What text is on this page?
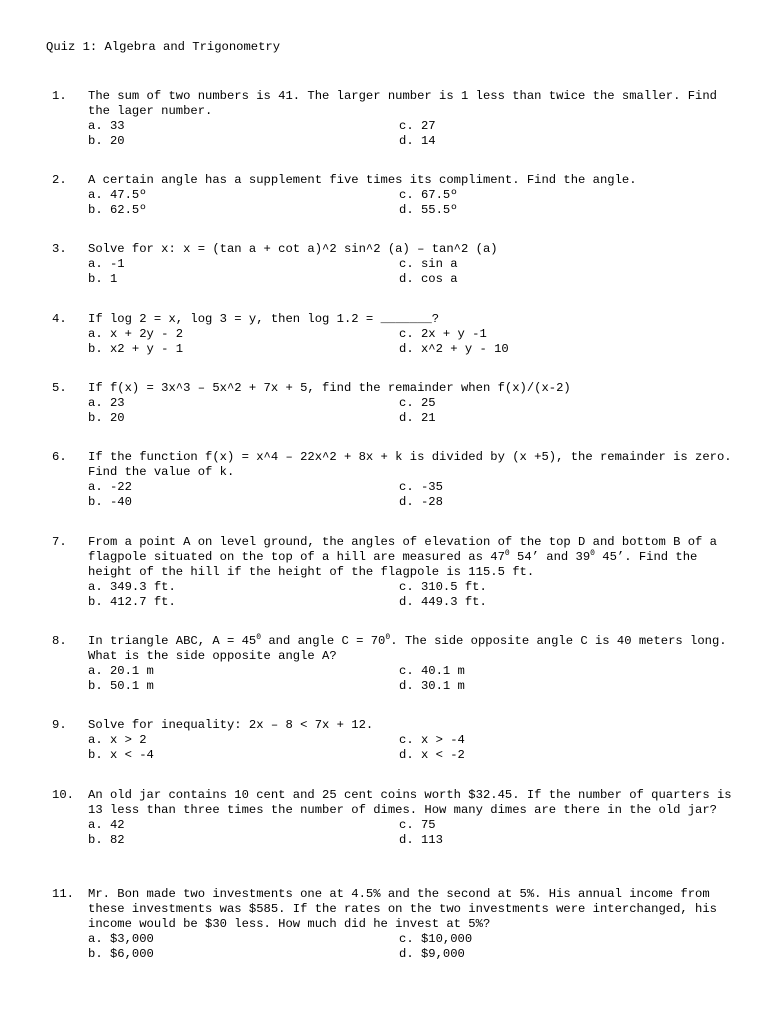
Quiz 1: Algebra and Trigonometry
1.	The sum of two numbers is 41. The larger number is 1 less than twice the smaller. Find the lager number.
a. 33	c. 27
b. 20	d. 14
2.	A certain angle has a supplement five times its compliment. Find the angle.
a. 47.5º	c. 67.5º
b. 62.5º	d. 55.5º
3.	Solve for x: x = (tan a + cot a)^2 sin^2 (a) – tan^2 (a)
a. -1	c. sin a
b. 1	d. cos a
4.	If log 2 = x, log 3 = y, then log 1.2 = _______?
a. x + 2y - 2	c. 2x + y -1
b. x2 + y - 1	d. x^2 + y - 10
5.	If f(x) = 3x^3 – 5x^2 + 7x + 5, find the remainder when f(x)/(x-2)
a. 23	c. 25
b. 20	d. 21
6.	If the function f(x) = x^4 – 22x^2 + 8x + k is divided by (x +5), the remainder is zero. Find the value of k.
a. -22	c. -35
b. -40	d. -28
7.	From a point A on level ground, the angles of elevation of the top D and bottom B of a flagpole situated on the top of a hill are measured as $47^0$ 54’ and $39^0$ 45’. Find the height of the hill if the height of the flagpole is 115.5 ft.
a. 349.3 ft.	c. 310.5 ft.
b. 412.7 ft.	d. 449.3 ft.
8.	In triangle ABC, $A = 45^0$ and angle $C = 70^0$. The side opposite angle C is 40 meters long. What is the side opposite angle A?
a. 20.1 m	c. 40.1 m
b. 50.1 m	d. 30.1 m
9.	Solve for inequality: 2x – 8 < 7x + 12.
a. x > 2	c. x > -4
b. x < -4	d. x < -2
10.	An old jar contains 10 cent and 25 cent coins worth $32.45. If the number of quarters is 13 less than three times the number of dimes. How many dimes are there in the old jar?
a. 42	c. 75
b. 82	d. 113
11.	Mr. Bon made two investments one at 4.5% and the second at 5%. His annual income from these investments was $585. If the rates on the two investments were interchanged, his income would be $30 less. How much did he invest at 5%?
a. $3,000	c. $10,000
b. $6,000	d. $9,000
